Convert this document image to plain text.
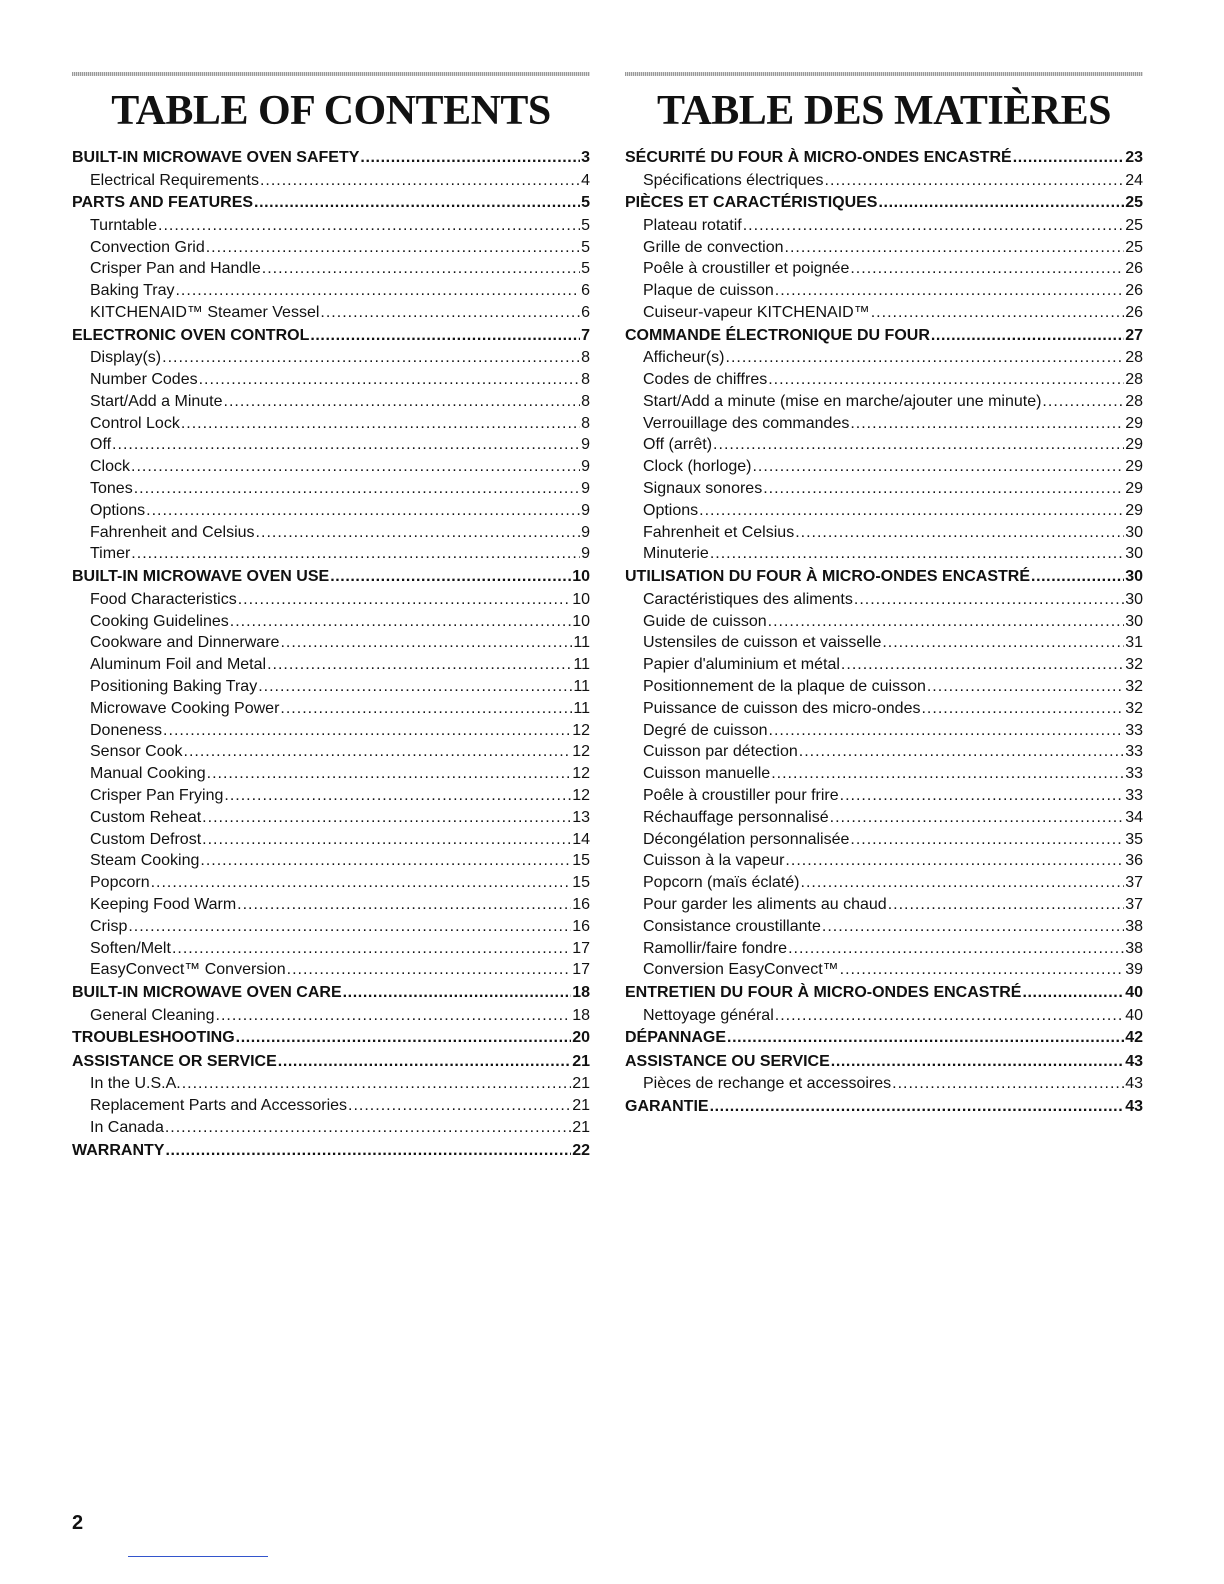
TABLE OF CONTENTS
BUILT-IN MICROWAVE OVEN SAFETY .....	3
Electrical Requirements .....	4
PARTS AND FEATURES .....	5
Turntable .....	5
Convection Grid .....	5
Crisper Pan and Handle .....	5
Baking Tray .....	6
KITCHENAID™ Steamer Vessel .....	6
ELECTRONIC OVEN CONTROL .....	7
Display(s) .....	8
Number Codes .....	8
Start/Add a Minute .....	8
Control Lock .....	8
Off .....	9
Clock .....	9
Tones .....	9
Options .....	9
Fahrenheit and Celsius .....	9
Timer .....	9
BUILT-IN MICROWAVE OVEN USE .....	10
Food Characteristics .....	10
Cooking Guidelines .....	10
Cookware and Dinnerware .....	11
Aluminum Foil and Metal .....	11
Positioning Baking Tray .....	11
Microwave Cooking Power .....	11
Doneness .....	12
Sensor Cook .....	12
Manual Cooking .....	12
Crisper Pan Frying .....	12
Custom Reheat .....	13
Custom Defrost .....	14
Steam Cooking .....	15
Popcorn .....	15
Keeping Food Warm .....	16
Crisp .....	16
Soften/Melt .....	17
EasyConvect™ Conversion .....	17
BUILT-IN MICROWAVE OVEN CARE .....	18
General Cleaning .....	18
TROUBLESHOOTING .....	20
ASSISTANCE OR SERVICE .....	21
In the U.S.A. .....	21
Replacement Parts and Accessories .....	21
In Canada .....	21
WARRANTY .....	22
TABLE DES MATIÈRES
SÉCURITÉ DU FOUR À MICRO-ONDES ENCASTRÉ .....	23
Spécifications électriques .....	24
PIÈCES ET CARACTÉRISTIQUES .....	25
Plateau rotatif .....	25
Grille de convection .....	25
Poêle à croustiller et poignée .....	26
Plaque de cuisson .....	26
Cuiseur-vapeur KITCHENAID™ .....	26
COMMANDE ÉLECTRONIQUE DU FOUR .....	27
Afficheur(s) .....	28
Codes de chiffres .....	28
Start/Add a minute (mise en marche/ajouter une minute) .....	28
Verrouillage des commandes .....	29
Off (arrêt) .....	29
Clock (horloge) .....	29
Signaux sonores .....	29
Options .....	29
Fahrenheit et Celsius .....	30
Minuterie .....	30
UTILISATION DU FOUR À MICRO-ONDES ENCASTRÉ .....	30
Caractéristiques des aliments .....	30
Guide de cuisson .....	30
Ustensiles de cuisson et vaisselle .....	31
Papier d'aluminium et métal .....	32
Positionnement de la plaque de cuisson .....	32
Puissance de cuisson des micro-ondes .....	32
Degré de cuisson .....	33
Cuisson par détection .....	33
Cuisson manuelle .....	33
Poêle à croustiller pour frire .....	33
Réchauffage personnalisé .....	34
Décongélation personnalisée .....	35
Cuisson à la vapeur .....	36
Popcorn (maïs éclaté) .....	37
Pour garder les aliments au chaud .....	37
Consistance croustillante .....	38
Ramollir/faire fondre .....	38
Conversion EasyConvect™ .....	39
ENTRETIEN DU FOUR À MICRO-ONDES ENCASTRÉ .....	40
Nettoyage général .....	40
DÉPANNAGE .....	42
ASSISTANCE OU SERVICE .....	43
Pièces de rechange et accessoires .....	43
GARANTIE .....	43
2
